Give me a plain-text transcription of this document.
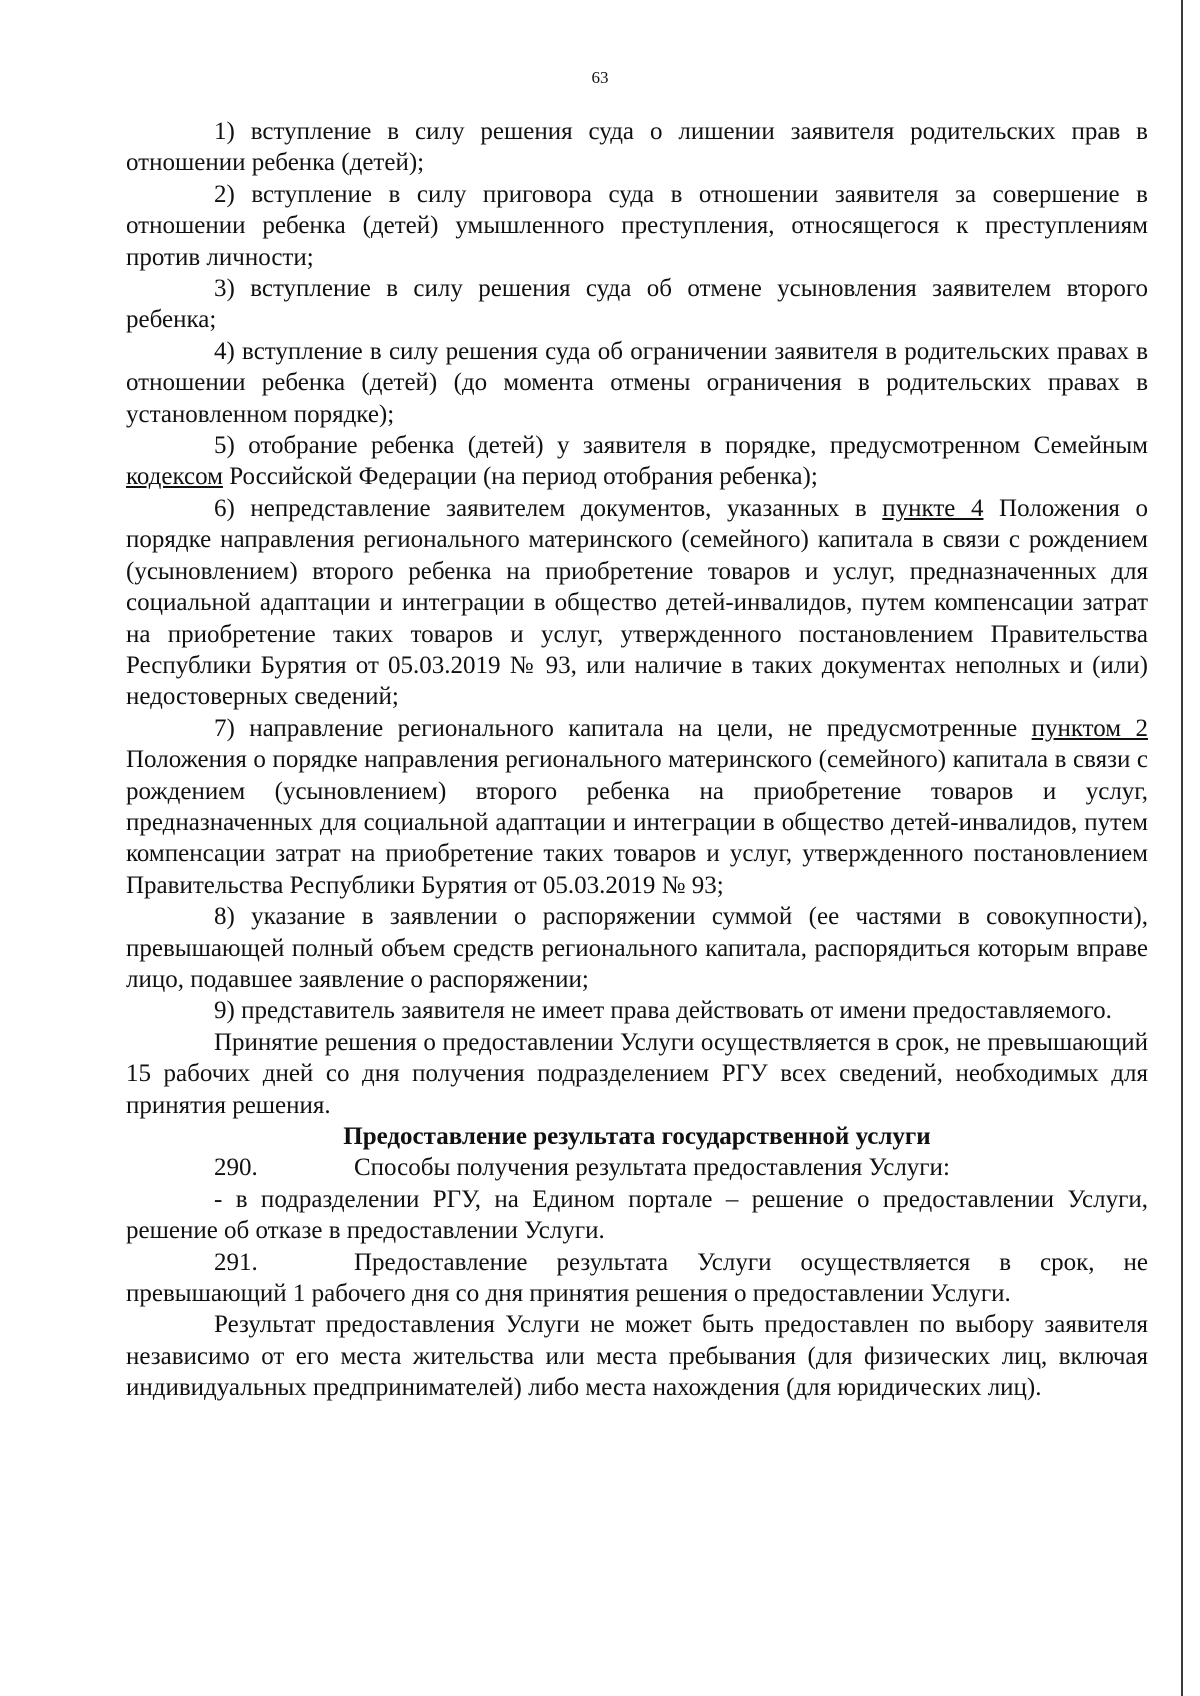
63

1) вступление в силу решения суда о лишении заявителя родительских прав в отношении ребенка (детей);

2) вступление в силу приговора суда в отношении заявителя за совершение в отношении ребенка (детей) умышленного преступления, относящегося к преступлениям против личности;

3) вступление в силу решения суда об отмене усыновления заявителем второго ребенка;

4) вступление в силу решения суда об ограничении заявителя в родительских правах в отношении ребенка (детей) (до момента отмены ограничения в родительских правах в установленном порядке);

5) отобрание ребенка (детей) у заявителя в порядке, предусмотренном Семейным кодексом Российской Федерации (на период отобрания ребенка);

6) непредставление заявителем документов, указанных в пункте 4 Положения о порядке направления регионального материнского (семейного) капитала в связи с рождением (усыновлением) второго ребенка на приобретение товаров и услуг, предназначенных для социальной адаптации и интеграции в общество детей-инвалидов, путем компенсации затрат на приобретение таких товаров и услуг, утвержденного постановлением Правительства Республики Бурятия от 05.03.2019 № 93, или наличие в таких документах неполных и (или) недостоверных сведений;

7) направление регионального капитала на цели, не предусмотренные пунктом 2 Положения о порядке направления регионального материнского (семейного) капитала в связи с рождением (усыновлением) второго ребенка на приобретение товаров и услуг, предназначенных для социальной адаптации и интеграции в общество детей-инвалидов, путем компенсации затрат на приобретение таких товаров и услуг, утвержденного постановлением Правительства Республики Бурятия от 05.03.2019 № 93;

8) указание в заявлении о распоряжении суммой (ее частями в совокупности), превышающей полный объем средств регионального капитала, распорядиться которым вправе лицо, подавшее заявление о распоряжении;

9) представитель заявителя не имеет права действовать от имени предоставляемого.

Принятие решения о предоставлении Услуги осуществляется в срок, не превышающий 15 рабочих дней со дня получения подразделением РГУ всех сведений, необходимых для принятия решения.

Предоставление результата государственной услуги

290.	Способы получения результата предоставления Услуги:

- в подразделении РГУ, на Едином портале – решение о предоставлении Услуги, решение об отказе в предоставлении Услуги.

291.	Предоставление результата Услуги осуществляется в срок, не превышающий 1 рабочего дня со дня принятия решения о предоставлении Услуги.

Результат предоставления Услуги не может быть предоставлен по выбору заявителя независимо от его места жительства или места пребывания (для физических лиц, включая индивидуальных предпринимателей) либо места нахождения (для юридических лиц).
